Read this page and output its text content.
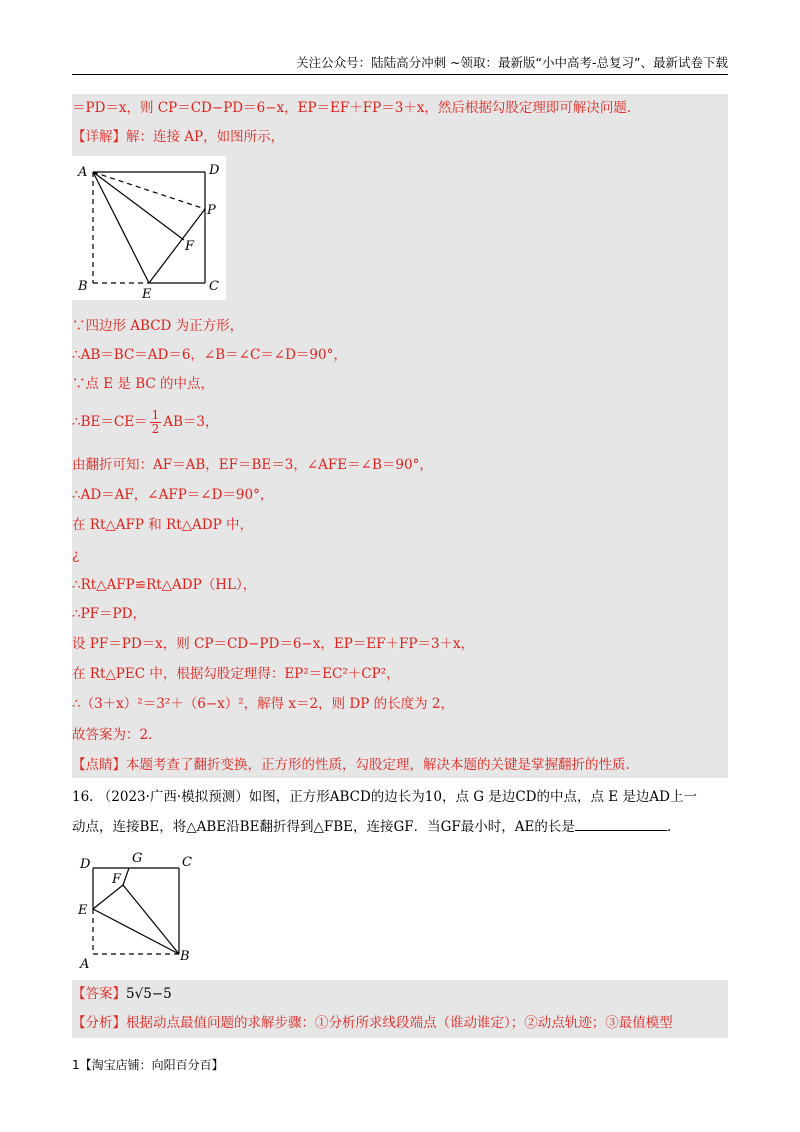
关注公众号：陆陆高分冲刺 ~领取：最新版“小中高考-总复习”、最新试卷下载
＝PD＝x，则 CP＝CD−PD＝6−x，EP＝EF＋FP＝3＋x，然后根据勾股定理即可解决问题.
【详解】解：连接 AP，如图所示，
A	D
P
F
B
E
C
∵四边形 ABCD 为正方形，
∴AB＝BC＝AD＝6，∠B＝∠C＝∠D＝90°，
∵点 E 是 BC 的中点，
∴BE＝CE＝ $\frac{1}{2} AB=3$，
由翻折可知：AF＝AB，EF＝BE＝3，∠AFE＝∠B＝90°，
∴AD＝AF，∠AFP＝∠D＝90°，
在 Rt△AFP 和 Rt△ADP 中，
¿
∴Rt△AFP≌Rt△ADP（HL），
∴PF＝PD，
设 PF＝PD＝x，则 CP＝CD−PD＝6−x，EP＝EF＋FP＝3＋x，
在 Rt△PEC 中，根据勾股定理得：EP²＝EC²＋CP²，
∴（3＋x）²＝3²＋（6−x）²，解得 x＝2，则 DP 的长度为 2，
故答案为：2.
【点睛】本题考查了翻折变换，正方形的性质，勾股定理，解决本题的关键是掌握翻折的性质.
16. （2023·广西·模拟预测）如图，正方形ABCD的边长为10，点 G 是边CD的中点，点 E 是边AD上一
动点，连接BE，将△ABE沿BE翻折得到△FBE，连接GF．当GF最小时，AE的长是	.
D	G	C
F
E
B
A
【答案】5√5−5
【分析】根据动点最值问题的求解步骤：①分析所求线段端点（谁动谁定）；②动点轨迹；③最值模型
1【淘宝店铺：向阳百分百】
